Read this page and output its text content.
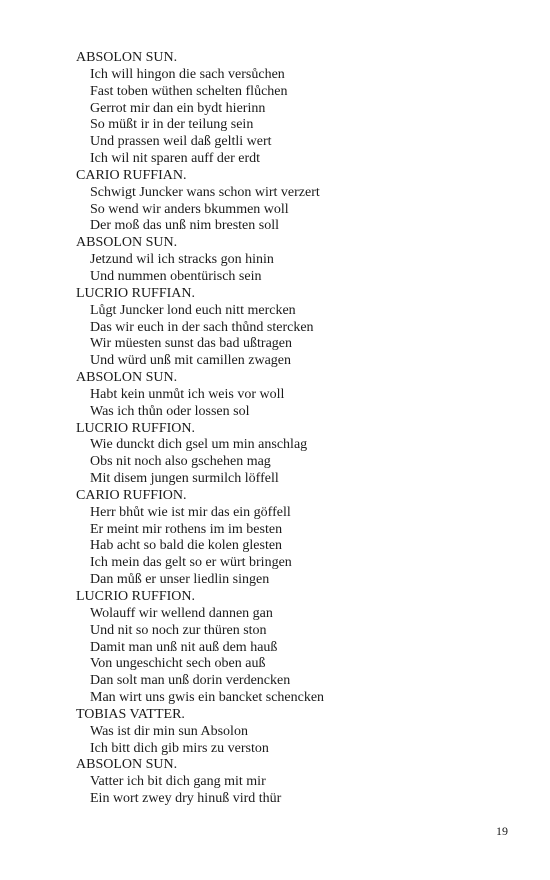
ABSOLON SUN.
Ich will hingon die sach versůchen
Fast toben wüthen schelten flůchen
Gerrot mir dan ein bydt hierinn
So müßt ir in der teilung sein
Und prassen weil daß geltli wert
Ich wil nit sparen auff der erdt
CARIO RUFFIAN.
Schwigt Juncker wans schon wirt verzert
So wend wir anders bkummen woll
Der moß das unß nim bresten soll
ABSOLON SUN.
Jetzund wil ich stracks gon hinin
Und nummen obentürisch sein
LUCRIO RUFFIAN.
Lůgt Juncker lond euch nitt mercken
Das wir euch in der sach thůnd stercken
Wir müesten sunst das bad ußtragen
Und würd unß mit camillen zwagen
ABSOLON SUN.
Habt kein unmůt ich weis vor woll
Was ich thůn oder lossen sol
LUCRIO RUFFION.
Wie dunckt dich gsel um min anschlag
Obs nit noch also gschehen mag
Mit disem jungen surmilch löffell
CARIO RUFFION.
Herr bhůt wie ist mir das ein göffell
Er meint mir rothens im im besten
Hab acht so bald die kolen glesten
Ich mein das gelt so er würt bringen
Dan můß er unser liedlin singen
LUCRIO RUFFION.
Wolauff wir wellend dannen gan
Und nit so noch zur thüren ston
Damit man unß nit auß dem hauß
Von ungeschicht sech oben auß
Dan solt man unß dorin verdencken
Man wirt uns gwis ein bancket schencken
TOBIAS VATTER.
Was ist dir min sun Absolon
Ich bitt dich gib mirs zu verston
ABSOLON SUN.
Vatter ich bit dich gang mit mir
Ein wort zwey dry hinuß vird thür
19
